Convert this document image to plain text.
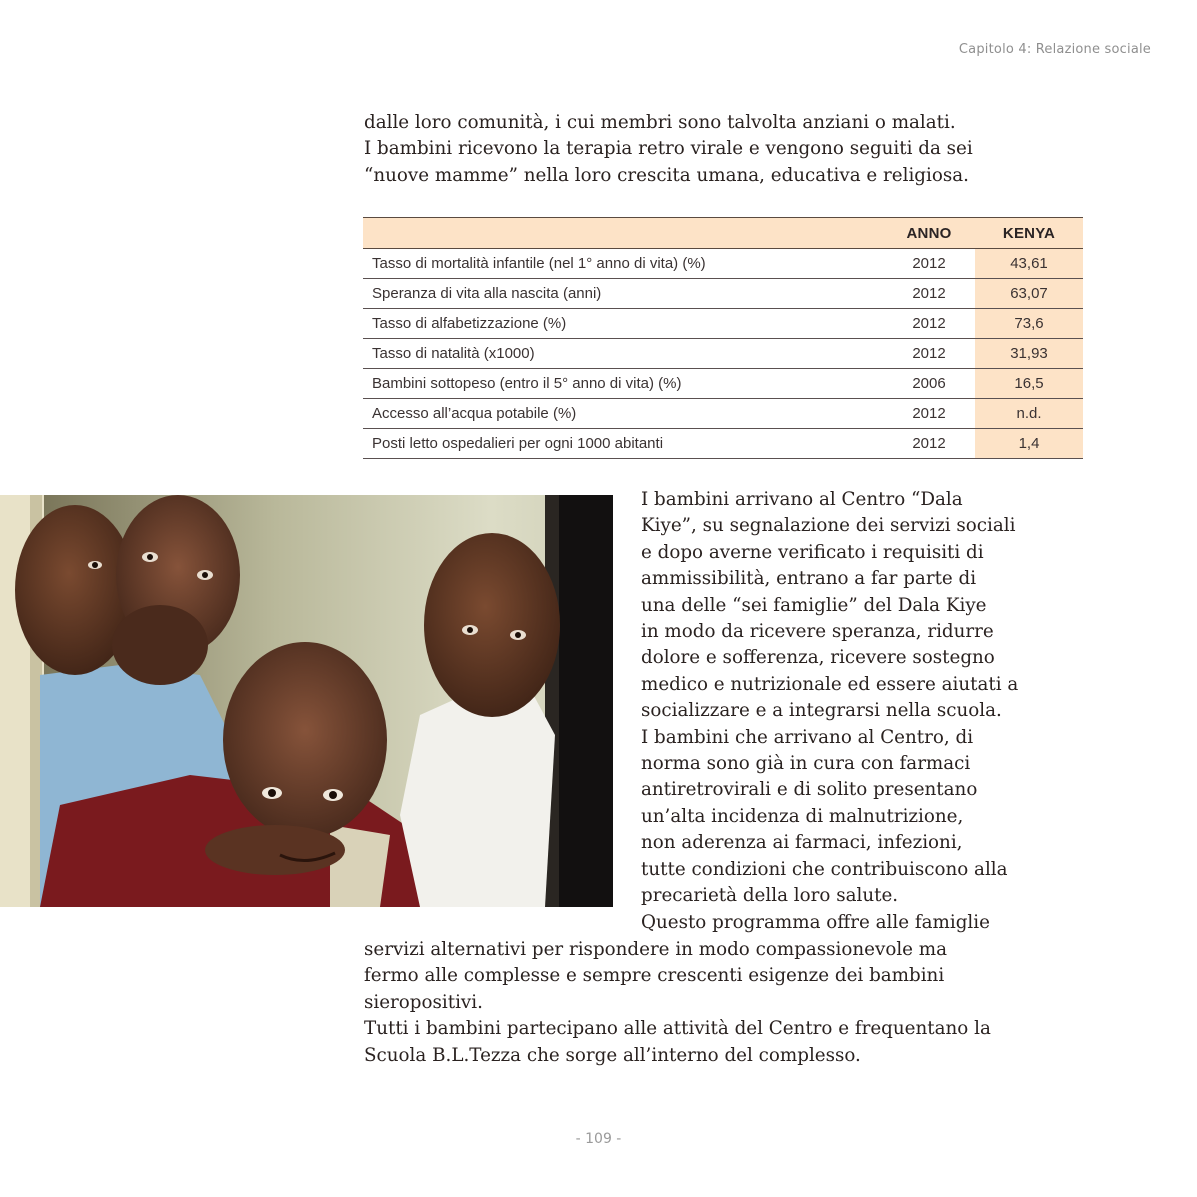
Capitolo 4: Relazione sociale
dalle loro comunità, i cui membri sono talvolta anziani o malati.
I bambini ricevono la terapia retro virale e vengono seguiti da sei
“nuove mamme” nella loro crescita umana, educativa e religiosa.
	ANNO	KENYA
Tasso di mortalità infantile (nel 1° anno di vita) (%)	2012	43,61
Speranza di vita alla nascita (anni)	2012	63,07
Tasso di alfabetizzazione (%)	2012	73,6
Tasso di natalità (x1000)	2012	31,93
Bambini sottopeso (entro il 5° anno di vita) (%)	2006	16,5
Accesso all’acqua potabile (%)	2012	n.d.
Posti letto ospedalieri per ogni 1000 abitanti	2012	1,4
I bambini arrivano al Centro “Dala
Kiye”, su segnalazione dei servizi sociali
e dopo averne verificato i requisiti di
ammissibilità, entrano a far parte di
una delle “sei famiglie” del Dala Kiye
in modo da ricevere speranza, ridurre
dolore e sofferenza, ricevere sostegno
medico e nutrizionale ed essere aiutati a
socializzare e a integrarsi nella scuola.
I bambini che arrivano al Centro, di
norma sono già in cura con farmaci
antiretrovirali e di solito presentano
un’alta incidenza di malnutrizione,
non aderenza ai farmaci, infezioni,
tutte condizioni che contribuiscono alla
precarietà della loro salute.
Questo programma offre alle famiglie
servizi alternativi per rispondere in modo compassionevole ma
fermo alle complesse e sempre crescenti esigenze dei bambini
sieropositivi.
Tutti i bambini partecipano alle attività del Centro e frequentano la
Scuola B.L.Tezza che sorge all’interno del complesso.
- 109 -
